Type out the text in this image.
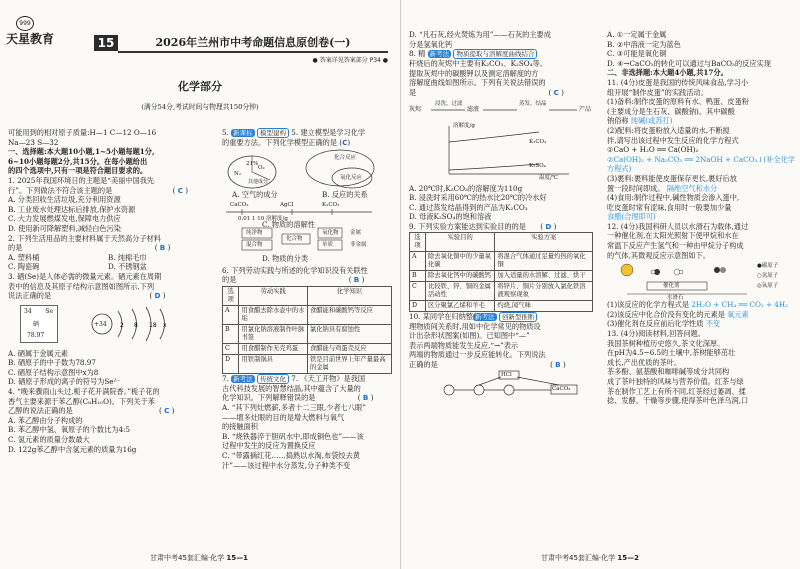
999
天星教育	15	2026年兰州市中考命题信息原创卷(一)
● 答案详见答案部分 P34 ●
化学部分
(满分54分,考试时间与物理共150分钟)
可能用到的相对原子质量:H—1 C—12 O—16
Na—23 S—32
一、选择题:本大题10小题,1~5小题每题1分,
6~10小题每题2分,共15分。在每小题给出
的四个选项中,只有一项是符合题目要求的。
1. 2025年我国环境日的主题是“美丽中国我先
行”。下列做法不符合该主题的是	( C )
A. 分类回收生活垃圾,充分利用资源
B. 工业废水处理达标后排放,保护水资源
C. 大力发展燃煤发电,保障电力供应
D. 使用新可降解塑料,减轻白色污染
2. 下列生活用品的主要材料属于天然高分子材料
的是	( B )
A. 塑料桶	B. 纯棉毛巾
C. 陶瓷碗	D. 不锈钢盆
3. 硒(Se)是人体必需的微量元素。硒元素在周期
表中的信息及其原子结构示意图如图所示,下列
说法正确的是	( D )
34 Se
硒
78.97
2 8 18 x
+34
A. 硒属于金属元素
B. 硒原子的中子数为78.97
C. 硒原子结构示意图中x为8
D. 硒原子形成的离子的符号为Se²⁻
4. “晚来骤雨山头过,栀子花开满院香。”栀子花的
香气主要来源于苯乙醇(C₈H₁₀O)。下列关于苯
乙醇的说法正确的是	( C )
A. 苯乙醇由分子构成的
B. 苯乙醇中氢、氧原子的个数比为4:5
C. 氢元素的质量分数最大
D. 122g苯乙醇中含氢元素的质量为16g
5. 新课标 模型建构 5. 建立模型是学习化学
的重要方法。下列化学模型正确的是 (C)
21%
N₂
O₂
其他成分
化合反应
氧化反应
A. 空气的成分	B. 反应的关系
CaCO₃	AgCl	K₂CO₃
0.01 1 10 溶解度/g
C. 物质的溶解性
纯净物
混合物
化合物
氧化物
单质
金属
非金属
D. 物质的分类
6. 下列劳动实践与所述的化学知识没有关联性
的是	( B )
选项	劳动实践	化学知识
A	用食醋去除水壶中的水垢	食醋能和碳酸钙等反应
B	用氯化钠溶液制作叶脉书签	氯化钠具有腐蚀性
C	用食醋制作无壳鸡蛋	食醋能与鸡蛋壳反应
D	用铁制锅具	铁是目前世界上年产量最高的金属
7. 新考法 传统文化 7. 《天工开物》是我国
古代科技发展的智慧结晶,其中蕴含了大量的
化学知识。下列解释错误的是	( B )
A. “其下列灶燃薪,多者十二三眼,少者七八眼”
——增多灶眼的目的是增大燃料与氧气
的接触面积
B. “烧铁器淬于胆矾水中,即成铜色也”——该
过程中发生的反应为置换反应
C. “带露摘红花……捣熟以水淘,布袋绞去黄
汁”——该过程中水分蒸发,分子种类不变
甘肃中考45套汇编·化学 15—1
D. “凡石灰,经火焚炼为用”——石灰的主要成
分是氢氧化钙
8. 精 新考法 物质提取与溶解度曲线结合
秆烧后的灰烬中主要有K₂CO₃、K₂SO₄等。
提取灰烬中的碳酸钾以及测定溶解度的方
溶解度曲线如图所示。下列有关说法错误的
是	( C )
灰烬
浸洗、过滤
滤液
蒸发、结晶
产品
溶解度/g
K₂CO₃
K₂SO₄
温度/℃
A. 20℃时,K₂CO₃的溶解度为110g
B. 浸洗时采用60℃的热水比20℃的冷水好
C. 通过蒸发结晶得到的产品为K₂CO₃
D. 母液K₂SO₄的饱和溶液
9. 下列实验方案能达到实验目的的是 ( D )
选项	实验目的	实验方案
A	除去氧化铜中的少量氧化碳	将混合气体通过足量灼热的氧化铜
B	除去氧化钙中的碳酸钙	加入适量的水溶解、过滤、烘干
C	比较铁、锌、铜的金属活动性	将锌片、铜片分别放入氯化铁溶液观察现象
D	区分聚氯乙烯和羊毛	灼烧,闻气味
10. 某同学在归纳整 新考法 创新型推断
理物质间关系时,用如中化学常见的物质设
计出杂形状图案(如图)。已知图中“—”
表示两端物质能发生反应,“→”表示
两端的物质通过一步反应能转化。下列说法
正确的是	( B )
HCl
CaCO₃
A. ①一定属于金属
B. ②中溶液一定为蓝色
C. ③可能是氧化铜
D. ④→CaCO₃的转化可以通过与BaCO₃的反应实现
二、非选择题:本大题4小题,共17分。
11. (4分)皮蛋是我国的传统风味食品,学习小
组开展“制作皮蛋”的实践活动。
(1)备料:制作皮蛋的原料有水、鸭蛋、皮蛋粉
(主要成分是生石灰、碳酸钠)。其中碳酸
钠俗称 纯碱(或苏打)
(2)配料:将皮蛋粉放入适量的水,不断搅
拌,请写出该过程中发生反应的化学方程式
①CaO + H₂O ══ Ca(OH)₂
②Ca(OH)₂ + Na₂CO₃ ══ 2NaOH + CaCO₃↓(补全化学方程式)
(3)裹料:裹料能使皮蛋保存更长,裹好后放
置一段时间即成。 隔绝空气和水分
(4)食用:制作过程中,碱性物质会渗入蛋中,
吃皮蛋时常有涩味,食用时一般要加少量
食醋(合理即可)
12. (4分)我国科研人员以水滑石为载体,通过
一种催化剂,在太阳光照射下使甲烷和水在
常温下反应产生氢气和一种由甲烷分子构成
的气体,其微观反应示意图如下。
催化剂
水滑石
●碳原子
○氢原子
◎氧原子
(1)该反应的化学方程式是 2H₂O + CH₄ ══ CO₂ + 4H₂
(2)该反应中化合价没有变化的元素是 氧元素
(3)催化剂在反应前后化学性质 不变
13. (4分)阅读材料,回答问题。
我国茶树种植历史悠久,茶文化深厚。
在pH为4.5~6.5的土壤中,茶树能够茁壮
成长,产出优质的茶叶。
茶多酚、氨基酸和咖啡碱等成分共同构
成了茶叶独特的风味与营养价值。红茶与绿
茶在制作工艺上有所不同,红茶经过萎凋、揉
捻、发酵、干燥等步骤,使得茶叶色泽乌润,口
甘肃中考45套汇编·化学 15—2
